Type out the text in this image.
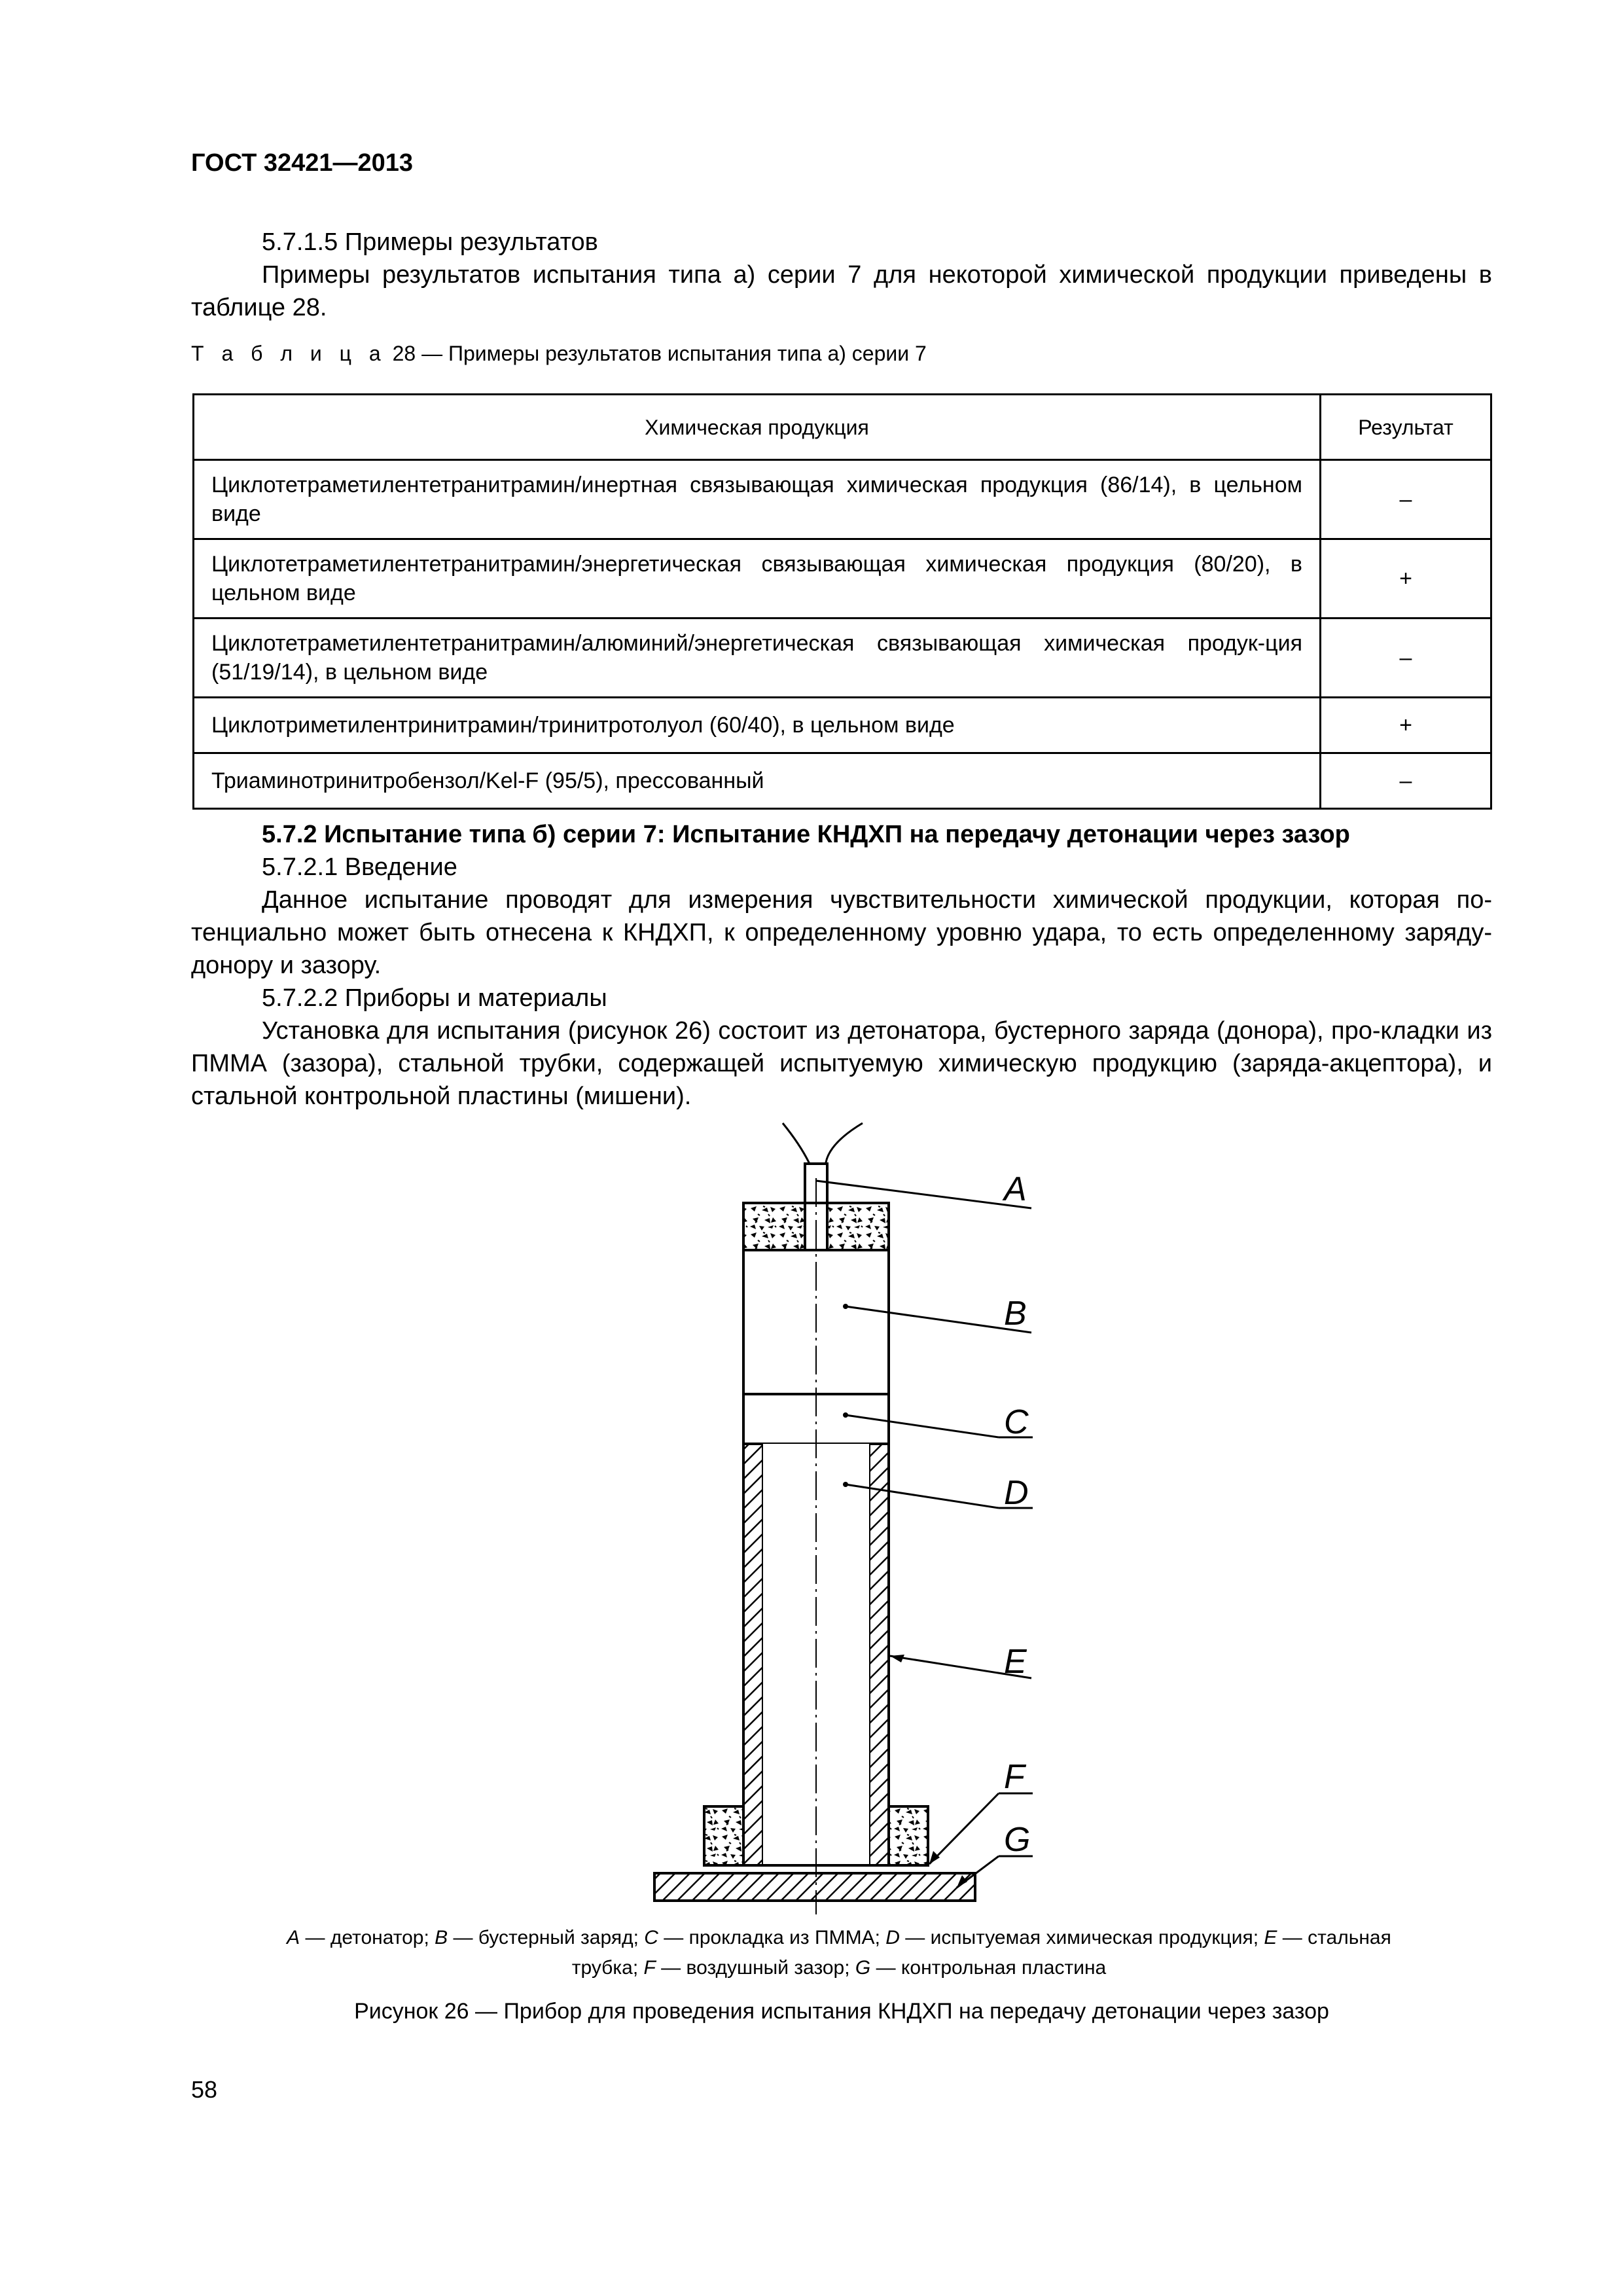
ГОСТ 32421—2013
5.7.1.5 Примеры результатов
Примеры результатов испытания типа а) серии 7 для некоторой химической продукции приведены в таблице 28.
Т а б л и ц а 28 — Примеры результатов испытания типа а) серии 7
Химическая продукция	Результат
Циклотетраметилентетранитрамин/инертная связывающая химическая продукция (86/14), в цельном виде	–
Циклотетраметилентетранитрамин/энергетическая связывающая химическая продукция (80/20), в цельном виде	+
Циклотетраметилентетранитрамин/алюминий/энергетическая связывающая химическая продук-ция (51/19/14), в цельном виде	–
Циклотриметилентринитрамин/тринитротолуол (60/40), в цельном виде	+
Триаминотринитробензол/Kel-F (95/5), прессованный	–
5.7.2 Испытание типа б) серии 7: Испытание КНДХП на передачу детонации через зазор
5.7.2.1 Введение
Данное испытание проводят для измерения чувствительности химической продукции, которая по-тенциально может быть отнесена к КНДХП, к определенному уровню удара, то есть определенному заряду-донору и зазору.
5.7.2.2 Приборы и материалы
Установка для испытания (рисунок 26) состоит из детонатора, бустерного заряда (донора), про-кладки из ПММА (зазора), стальной трубки, содержащей испытуемую химическую продукцию (заряда-акцептора), и стальной контрольной пластины (мишени).
A
B
C
D
E
F
G
A — детонатор; B — бустерный заряд; C — прокладка из ПММА; D — испытуемая химическая продукция; E — стальная трубка; F — воздушный зазор; G — контрольная пластина
Рисунок 26 — Прибор для проведения испытания КНДХП на передачу детонации через зазор
58
